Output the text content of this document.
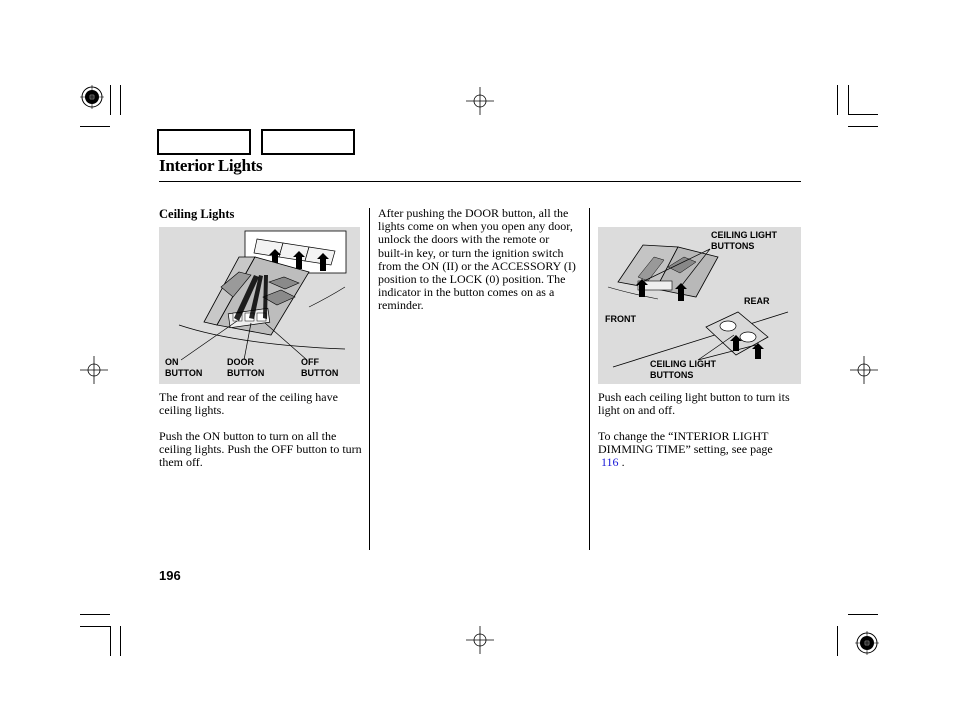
Interior Lights
Ceiling Lights
ON
BUTTON
DOOR
BUTTON
OFF
BUTTON

The front and rear of the ceiling have ceiling lights.

Push the ON button to turn on all the ceiling lights. Push the OFF button to turn them off.

After pushing the DOOR button, all the lights come on when you open any door, unlock the doors with the remote or built-in key, or turn the ignition switch from the ON (II) or the ACCESSORY (I) position to the LOCK (0) position. The indicator in the button comes on as a reminder.

CEILING LIGHT
BUTTONS
REAR
FRONT
CEILING LIGHT
BUTTONS

Push each ceiling light button to turn its light on and off.

To change the “INTERIOR LIGHT DIMMING TIME” setting, see page
116 .

196
